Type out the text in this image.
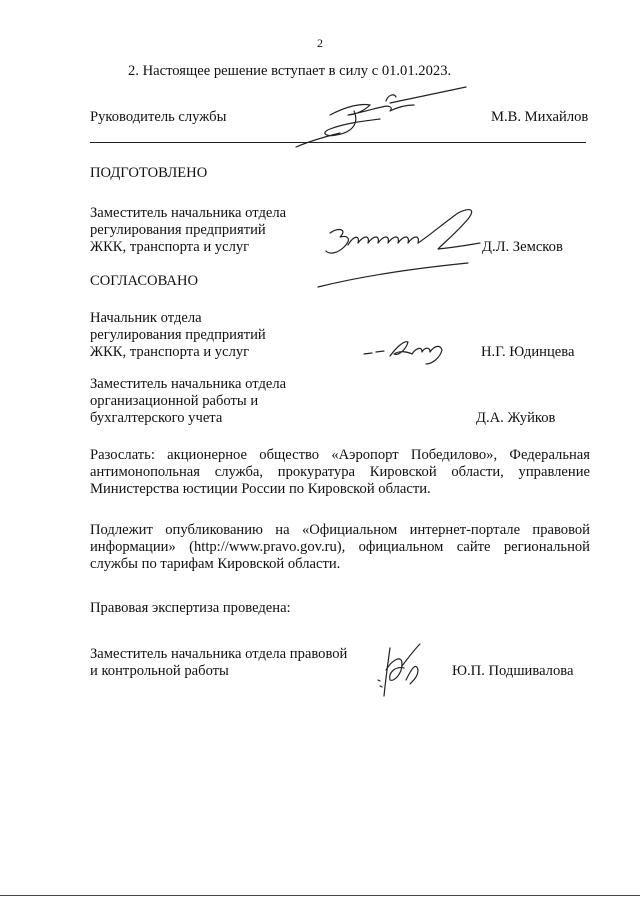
2
2. Настоящее решение вступает в силу с 01.01.2023.
Руководитель службы	М.В. Михайлов
ПОДГОТОВЛЕНО
Заместитель начальника отдела
регулирования предприятий
ЖКК, транспорта и услуг	Д.Л. Земсков
СОГЛАСОВАНО
Начальник отдела
регулирования предприятий
ЖКК, транспорта и услуг	Н.Г. Юдинцева
Заместитель начальника отдела
организационной работы и
бухгалтерского учета	Д.А. Жуйков
Разослать: акционерное общество «Аэропорт Победилово», Федеральная
антимонопольная служба, прокуратура Кировской области, управление
Министерства юстиции России по Кировской области.
Подлежит опубликованию на «Официальном интернет-портале правовой
информации» (http://www.pravo.gov.ru), официальном сайте региональной
службы по тарифам Кировской области.
Правовая экспертиза проведена:
Заместитель начальника отдела правовой
и контрольной работы	Ю.П. Подшивалова
